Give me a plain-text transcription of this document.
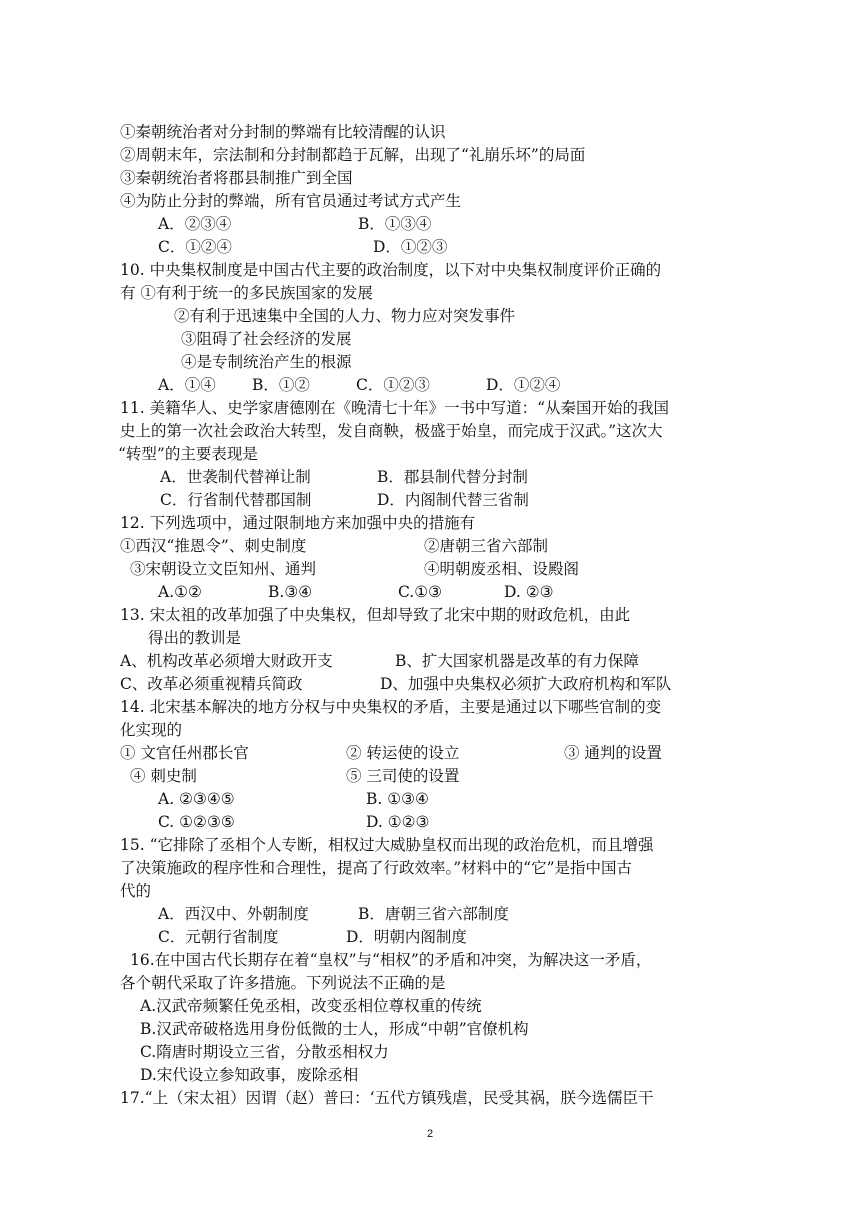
①秦朝统治者对分封制的弊端有比较清醒的认识
②周朝末年，宗法制和分封制都趋于瓦解，出现了“礼崩乐坏”的局面
③秦朝统治者将郡县制推广到全国
④为防止分封的弊端，所有官员通过考试方式产生
A．②③④	B．①③④
C．①②④	D．①②③
10. 中央集权制度是中国古代主要的政治制度，以下对中央集权制度评价正确的
有 ①有利于统一的多民族国家的发展
②有利于迅速集中全国的人力、物力应对突发事件
③阻碍了社会经济的发展
④是专制统治产生的根源
A．①④ B．①②	C．①②③	D．①②④
11. 美籍华人、史学家唐德刚在《晚清七十年》一书中写道：“从秦国开始的我国
史上的第一次社会政治大转型，发自商鞅，极盛于始皇，而完成于汉武。”这次大
“转型”的主要表现是
A．世袭制代替禅让制	B．郡县制代替分封制
C．行省制代替郡国制	D．内阁制代替三省制
12. 下列选项中，通过限制地方来加强中央的措施有
①西汉“推恩令”、刺史制度	②唐朝三省六部制
③宋朝设立文臣知州、通判	④明朝废丞相、设殿阁
A.①②	B.③④	C.①③	D. ②③
13. 宋太祖的改革加强了中央集权，但却导致了北宋中期的财政危机，由此
得出的教训是
A、机构改革必须增大财政开支	B、扩大国家机器是改革的有力保障
C、改革必须重视精兵简政	D、加强中央集权必须扩大政府机构和军队
14. 北宋基本解决的地方分权与中央集权的矛盾，主要是通过以下哪些官制的变
化实现的
① 文官任州郡长官	② 转运使的设立	③ 通判的设置
④ 刺史制	⑤ 三司使的设置
A. ②③④⑤	B. ①③④
C. ①②③⑤	D. ①②③
15. “它排除了丞相个人专断，相权过大威胁皇权而出现的政治危机，而且增强
了决策施政的程序性和合理性，提高了行政效率。”材料中的“它”是指中国古
代的
A．西汉中、外朝制度	B．唐朝三省六部制度
C．元朝行省制度	D．明朝内阁制度
16.在中国古代长期存在着“皇权”与“相权”的矛盾和冲突，为解决这一矛盾，
各个朝代采取了许多措施。下列说法不正确的是
A.汉武帝频繁任免丞相，改变丞相位尊权重的传统
B.汉武帝破格选用身份低微的士人，形成“中朝”官僚机构
C.隋唐时期设立三省，分散丞相权力
D.宋代设立参知政事，废除丞相
17.“上（宋太祖）因谓（赵）普曰：‘五代方镇残虐，民受其祸，朕今选儒臣干
2
